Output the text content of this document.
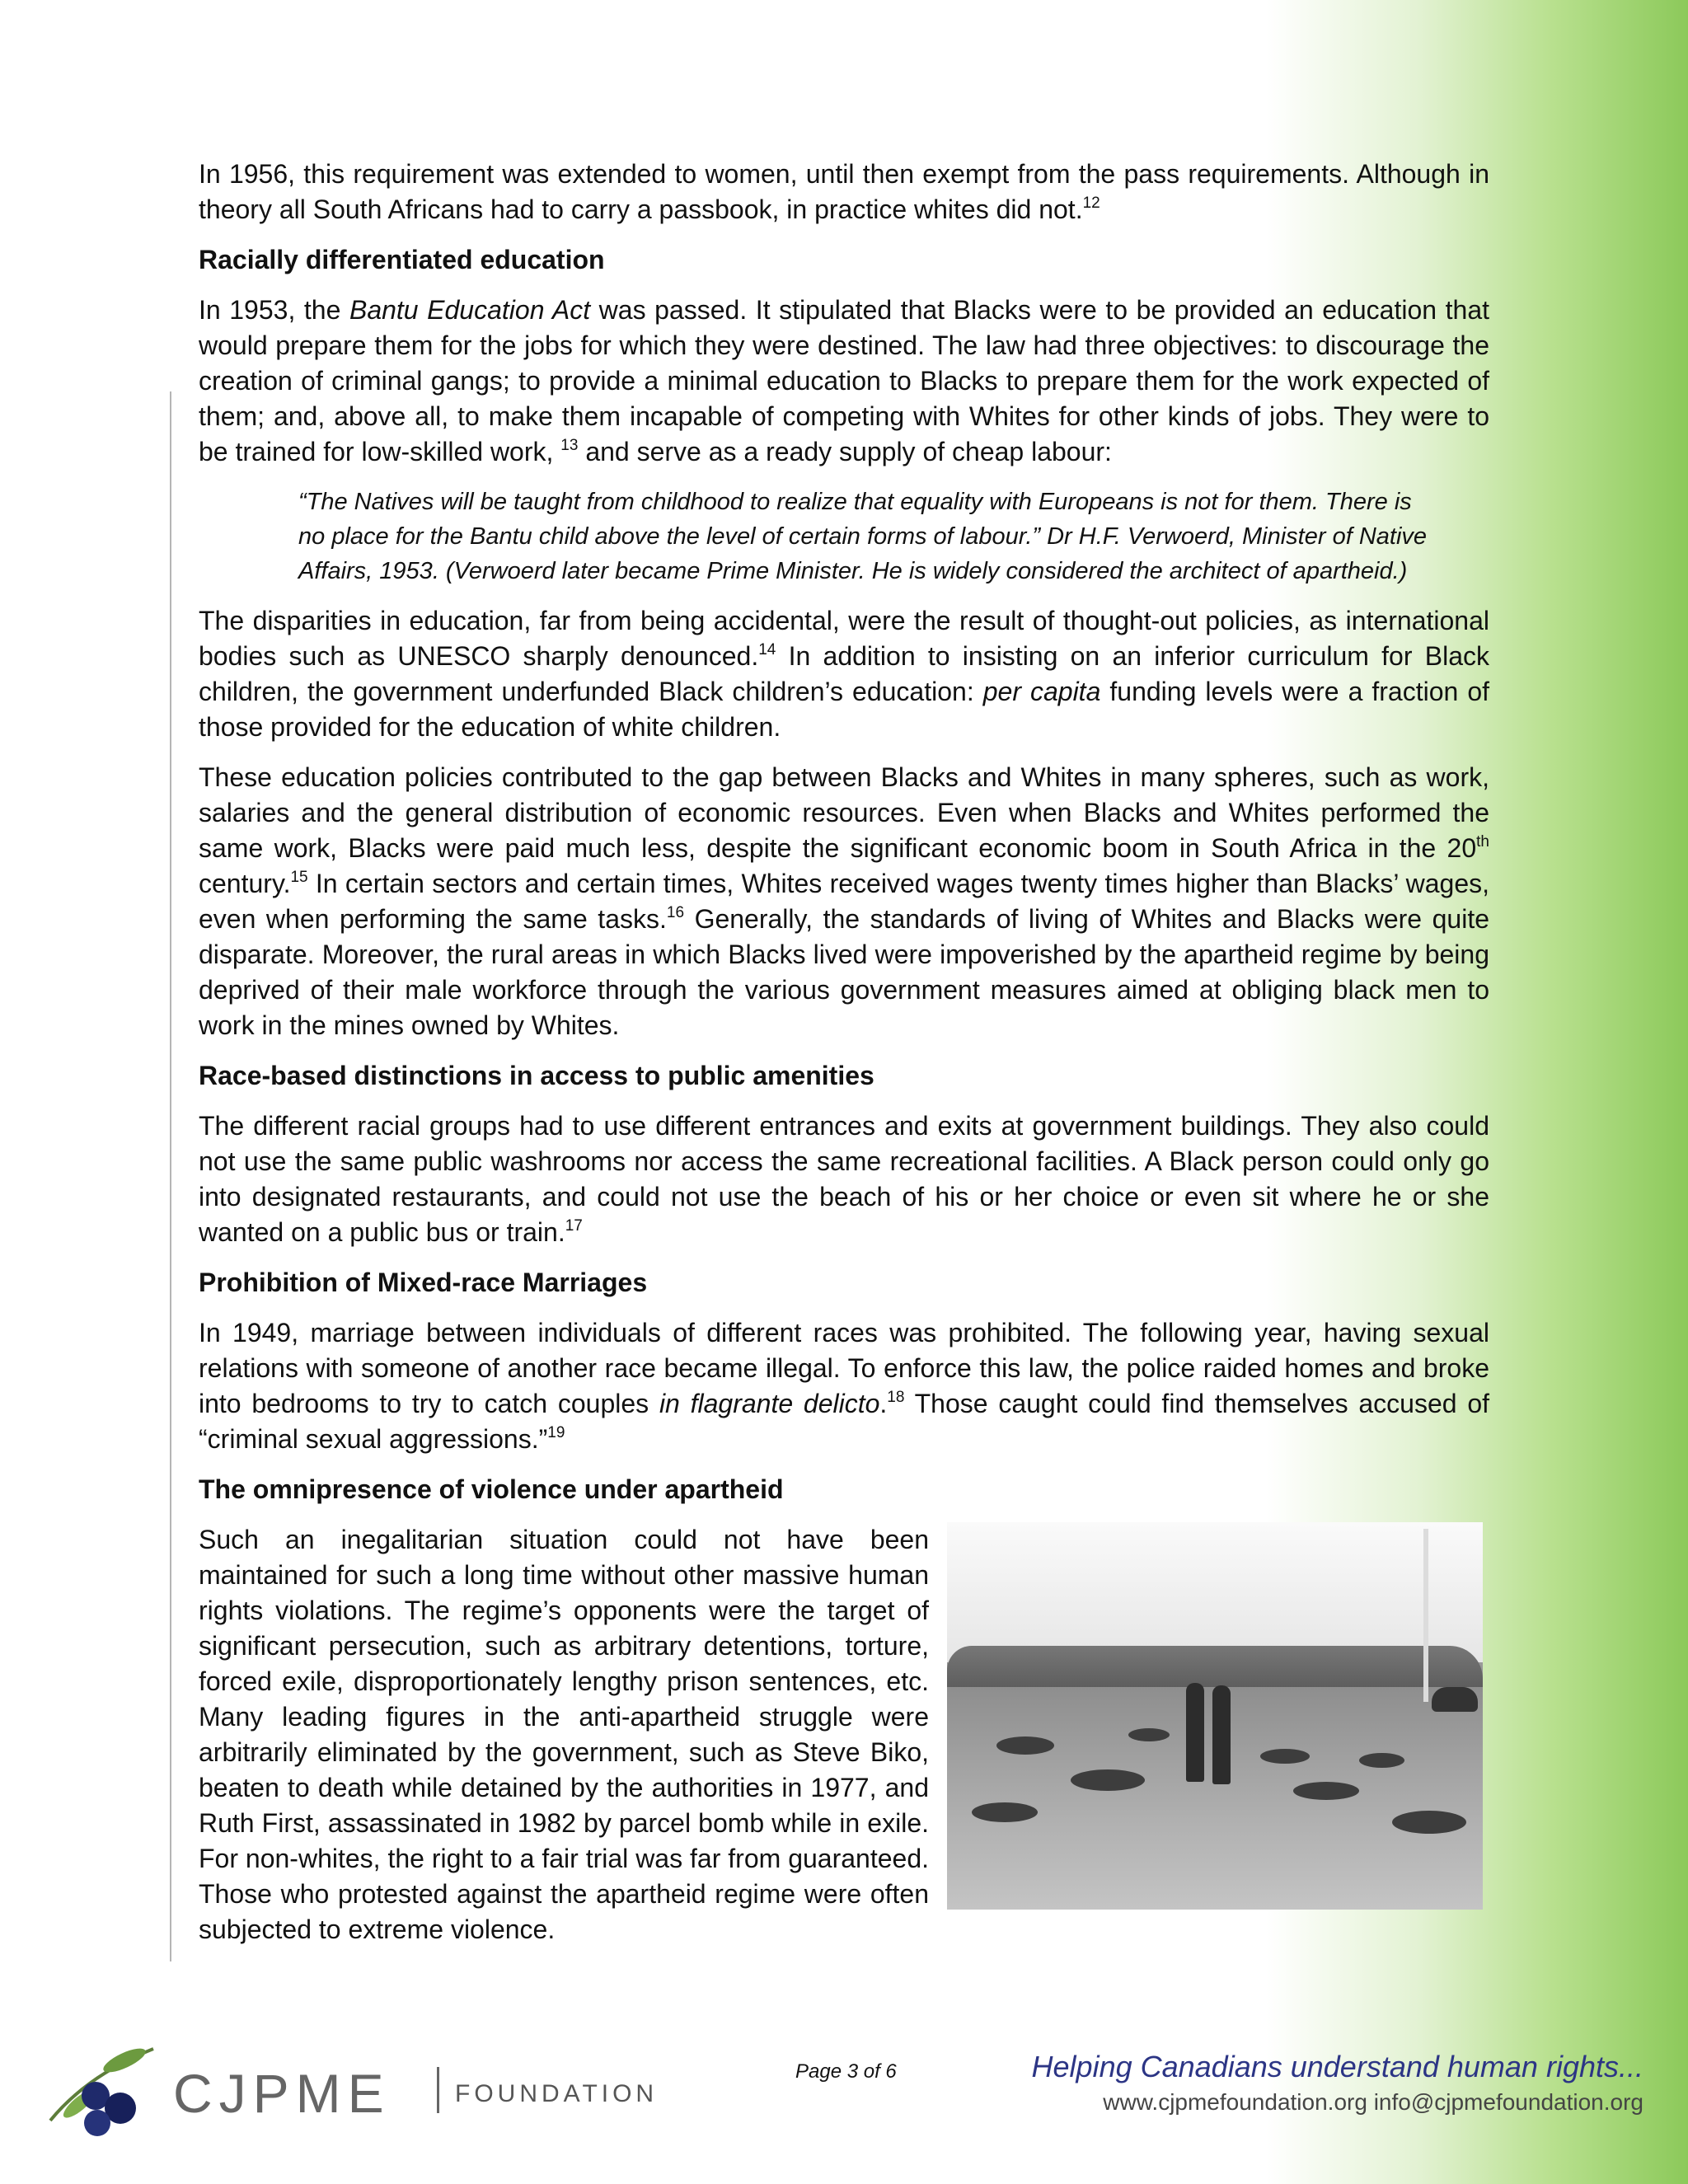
In 1956, this requirement was extended to women, until then exempt from the pass requirements. Although in theory all South Africans had to carry a passbook, in practice whites did not.$^{12}$

Racially differentiated education

In 1953, the Bantu Education Act was passed. It stipulated that Blacks were to be provided an education that would prepare them for the jobs for which they were destined. The law had three objectives: to discourage the creation of criminal gangs; to provide a minimal education to Blacks to prepare them for the work expected of them; and, above all, to make them incapable of competing with Whites for other kinds of jobs. They were to be trained for low-skilled work, $^{13}$ and serve as a ready supply of cheap labour:

“The Natives will be taught from childhood to realize that equality with Europeans is not for them. There is no place for the Bantu child above the level of certain forms of labour.” Dr H.F. Verwoerd, Minister of Native Affairs, 1953. (Verwoerd later became Prime Minister. He is widely considered the architect of apartheid.)

The disparities in education, far from being accidental, were the result of thought-out policies, as international bodies such as UNESCO sharply denounced.$^{14}$ In addition to insisting on an inferior curriculum for Black children, the government underfunded Black children’s education: per capita funding levels were a fraction of those provided for the education of white children.

These education policies contributed to the gap between Blacks and Whites in many spheres, such as work, salaries and the general distribution of economic resources. Even when Blacks and Whites performed the same work, Blacks were paid much less, despite the significant economic boom in South Africa in the 20th century.$^{15}$ In certain sectors and certain times, Whites received wages twenty times higher than Blacks’ wages, even when performing the same tasks.$^{16}$ Generally, the standards of living of Whites and Blacks were quite disparate. Moreover, the rural areas in which Blacks lived were impoverished by the apartheid regime by being deprived of their male workforce through the various government measures aimed at obliging black men to work in the mines owned by Whites.

Race-based distinctions in access to public amenities

The different racial groups had to use different entrances and exits at government buildings. They also could not use the same public washrooms nor access the same recreational facilities. A Black person could only go into designated restaurants, and could not use the beach of his or her choice or even sit where he or she wanted on a public bus or train.$^{17}$

Prohibition of Mixed-race Marriages

In 1949, marriage between individuals of different races was prohibited. The following year, having sexual relations with someone of another race became illegal. To enforce this law, the police raided homes and broke into bedrooms to try to catch couples in flagrante delicto.$^{18}$ Those caught could find themselves accused of “criminal sexual aggressions.”$^{19}$

The omnipresence of violence under apartheid

Such an inegalitarian situation could not have been maintained for such a long time without other massive human rights violations. The regime’s opponents were the target of significant persecution, such as arbitrary detentions, torture, forced exile, disproportionately lengthy prison sentences, etc. Many leading figures in the anti-apartheid struggle were arbitrarily eliminated by the government, such as Steve Biko, beaten to death while detained by the authorities in 1977, and Ruth First, assassinated in 1982 by parcel bomb while in exile. For non-whites, the right to a fair trial was far from guaranteed. Those who protested against the apartheid regime were often subjected to extreme violence.

CJPME	FOUNDATION
Page 3 of 6	Helping Canadians understand human rights...
www.cjpmefoundation.org info@cjpmefoundation.org
